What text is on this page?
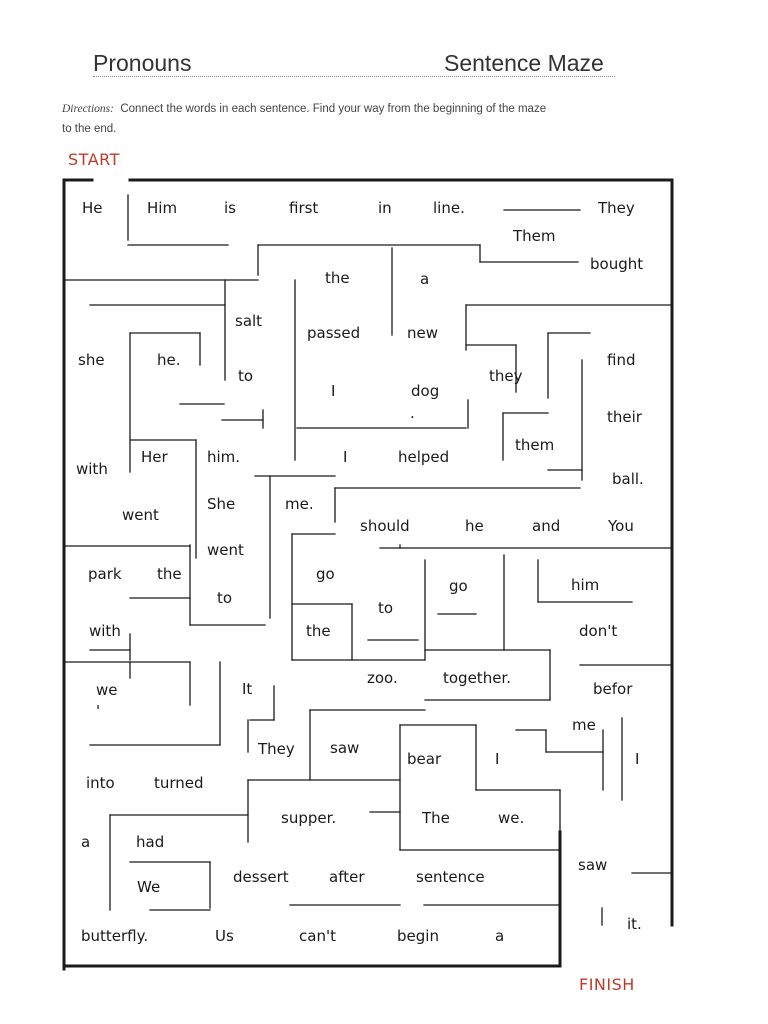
Pronouns	Sentence Maze
Directions: Connect the words in each sentence. Find your way from the beginning of the maze
to the end.
START
FINISH
He	Him	is	first	in	line.	They
Them
the	a
bought
salt
passed	new
she	he.
to
I	dog
they
find
.	their
with
Her	him.	I	helped
them
ball.
went
She	me.
should	he	and	You
went
park the	go
go	him
to
to
with	the	don't
we	It
zoo.	together.
befor
'
me
They saw
bear	I	I
into	turned
supper.	The	we.
a	had
saw
We
dessert	after	sentence
butterfly.	Us	can't	begin	a
it.
